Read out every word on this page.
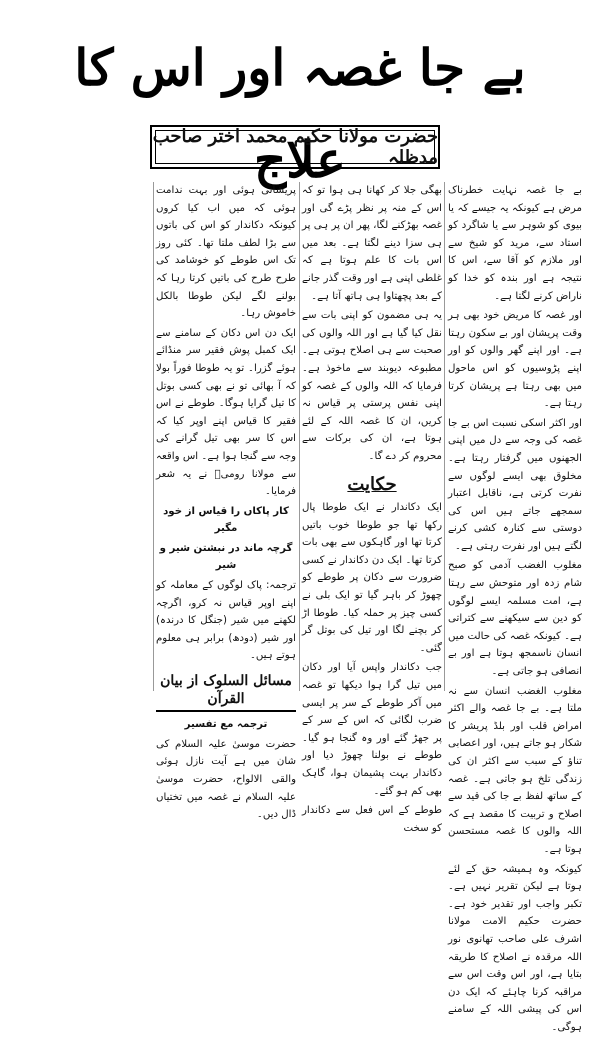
بے جا غصہ اور اس کا علاج
حضرت مولانا حکیم محمد اختر صاحب مدظلہ

بے جا غصہ نہایت خطرناک مرض ہے کیونکہ یہ جیسے کہ یا بیوی کو شوہر سے یا شاگرد کو استاد سے، مرید کو شیخ سے اور ملازم کو آقا سے، اس کا نتیجہ ہے اور بندہ کو خدا کو ناراض کرنے لگتا ہے۔

اور غصہ کا مریض خود بھی ہر وقت پریشان اور بے سکون رہتا ہے۔ اور اپنے گھر والوں کو اور اپنے پڑوسیوں کو اس ماحول میں بھی رہتا ہے پریشان کرتا رہتا ہے۔

اور اکثر اسکی نسبت اس بے جا غصہ کی وجہ سے دل میں اپنی الجھنوں میں گرفتار رہتا ہے۔ مخلوق بھی ایسے لوگوں سے نفرت کرتی ہے، ناقابل اعتبار سمجھے جاتے ہیں اس کی دوستی سے کنارہ کشی کرنے لگتے ہیں اور نفرت رہتی ہے۔

مغلوب الغضب آدمی کو صبح شام زدہ اور متوحش سے رہتا ہے، امت مسلمہ ایسے لوگوں کو دین سے سیکھنے سے کتراتی ہے۔ کیونکہ غصہ کی حالت میں انسان ناسمجھ ہوتا ہے اور بے انصافی ہو جاتی ہے۔

مغلوب الغضب انسان سے نہ ملتا ہے۔ بے جا غصہ والے اکثر امراض قلب اور بلڈ پریشر کا شکار ہو جاتے ہیں، اور اعصابی تناؤ کے سبب سے اکثر ان کی زندگی تلخ ہو جاتی ہے۔ غصہ کے ساتھ لفظ بے جا کی قید سے اصلاح و تربیت کا مقصد ہے کہ اللہ والوں کا غصہ مستحسن ہوتا ہے۔

کیونکہ وہ ہمیشہ حق کے لئے ہوتا ہے لیکن تقریر نہیں ہے۔ تکبر واجب اور تقدیر خود ہے۔ حضرت حکیم الامت مولانا اشرف علی صاحب تھانوی نور اللہ مرقدہ نے اصلاح کا طریقہ بتایا ہے، اور اس وقت اس سے مراقبہ کرنا چاہئے کہ ایک دن اس کی پیشی اللہ کے سامنے ہوگی۔

بھگی جلا کر کھانا ہی ہوا تو کہ اس کے منہ پر نظر پڑے گی اور غصہ بھڑکنے لگا، پھر ان پر ہی پر ہی سزا دینے لگتا ہے۔ بعد میں اس بات کا علم ہوتا ہے کہ غلطی اپنی ہے اور وقت گذر جانے کے بعد پچھتاوا ہی ہاتھ آتا ہے۔

یہ ہی مضمون کو اپنی بات سے نقل کیا گیا ہے اور اللہ والوں کی صحبت سے ہی اصلاح ہوتی ہے۔ مطبوعہ دیوبند سے ماخوذ ہے۔ فرمایا کہ اللہ والوں کے غصہ کو اپنی نفس پرستی پر قیاس نہ کریں، ان کا غصہ اللہ کے لئے ہوتا ہے، ان کی برکات سے محروم کر دے گا۔

حکایت

ایک دکاندار نے ایک طوطا پال رکھا تھا جو طوطا خوب باتیں کرتا تھا اور گاہکوں سے بھی بات کرتا تھا۔ ایک دن دکاندار نے کسی ضرورت سے دکان پر طوطے کو چھوڑ کر باہر گیا تو ایک بلی نے کسی چیز پر حملہ کیا۔ طوطا اڑ کر بچنے لگا اور تیل کی بوتل گر گئی۔

جب دکاندار واپس آیا اور دکان میں تیل گرا ہوا دیکھا تو غصہ میں آکر طوطے کے سر پر ایسی ضرب لگائی کہ اس کے سر کے پر جھڑ گئے اور وہ گنجا ہو گیا۔ طوطے نے بولنا چھوڑ دیا اور دکاندار بہت پشیمان ہوا، گاہک بھی کم ہو گئے۔

طوطے کے اس فعل سے دکاندار کو سخت

پریشانی ہوئی اور بہت ندامت ہوئی کہ میں اب کیا کروں کیونکہ دکاندار کو اس کی باتوں سے بڑا لطف ملتا تھا۔ کئی روز تک اس طوطے کو خوشامد کی طرح طرح کی باتیں کرتا رہا کہ بولنے لگے لیکن طوطا بالکل خاموش رہا۔

ایک دن اس دکان کے سامنے سے ایک کمبل پوش فقیر سر منڈائے ہوئے گزرا۔ تو یہ طوطا فوراً بولا کہ آ بھائی تو نے بھی کسی بوتل کا تیل گرایا ہوگا۔ طوطے نے اس فقیر کا قیاس اپنے اوپر کیا کہ اس کا سر بھی تیل گرانے کی وجہ سے گنجا ہوا ہے۔ اس واقعہ سے مولانا رومیؒ نے یہ شعر فرمایا۔

کار پاکاں را قیاس از خود مگیر
گرچہ ماند در نبشتن شیر و شیر

ترجمہ: پاک لوگوں کے معاملہ کو اپنے اوپر قیاس نہ کرو، اگرچہ لکھنے میں شیر (جنگل کا درندہ) اور شیر (دودھ) برابر ہی معلوم ہوتے ہیں۔

مسائل السلوک از بیان القرآن
ترجمہ مع تفسیر

حضرت موسیٰ علیہ السلام کی شان میں ہے آیت نازل ہوئی والقی الالواح، حضرت موسیٰ علیہ السلام نے غصہ میں تختیاں ڈال دیں۔
